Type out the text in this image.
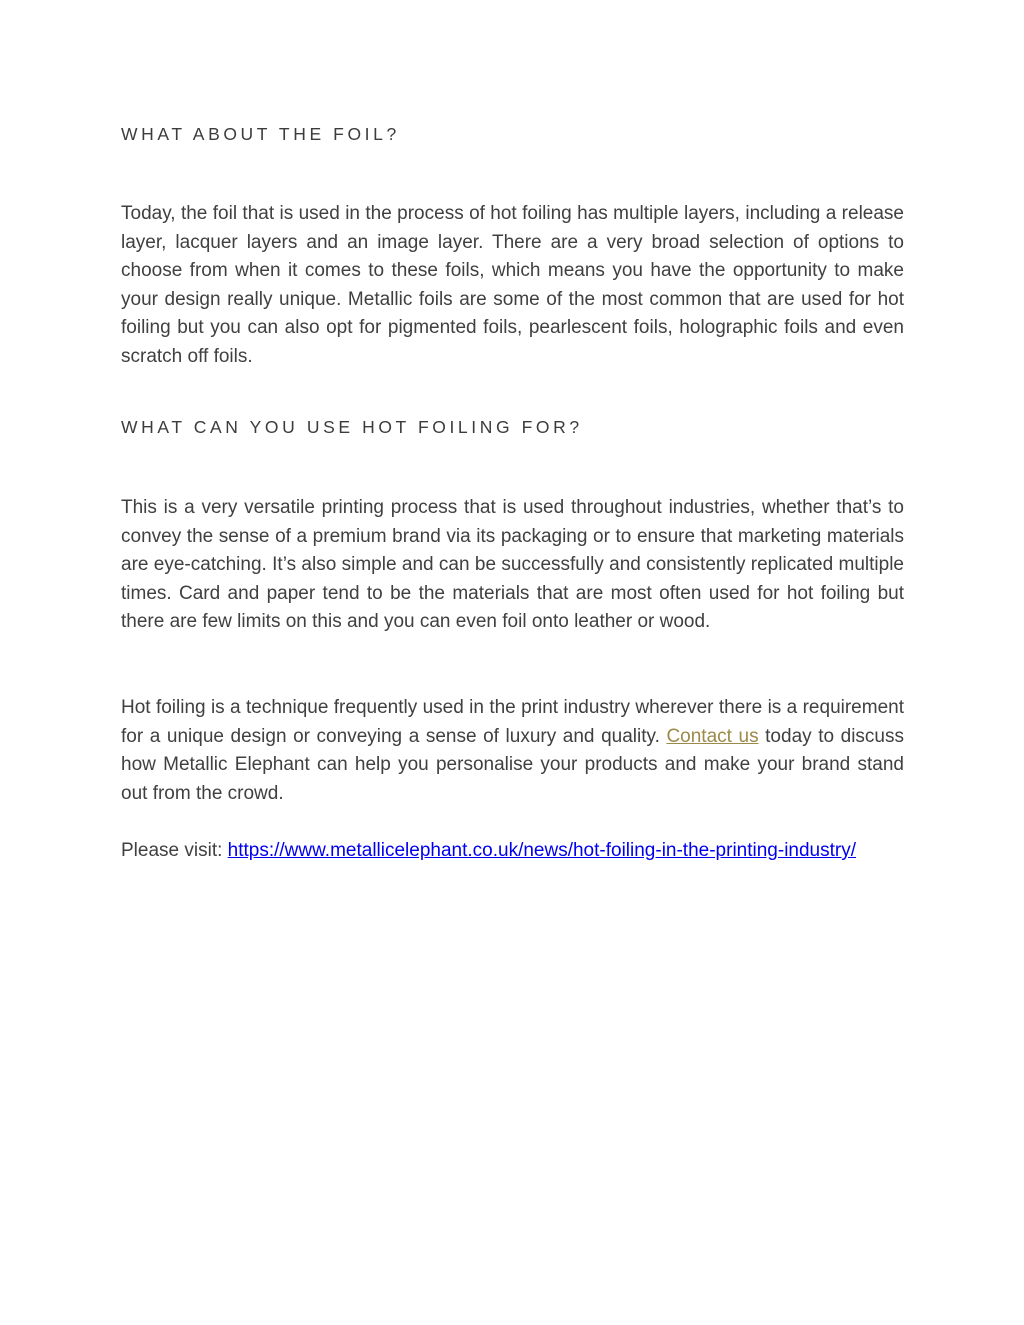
WHAT ABOUT THE FOIL?

Today, the foil that is used in the process of hot foiling has multiple layers, including a release layer, lacquer layers and an image layer. There are a very broad selection of options to choose from when it comes to these foils, which means you have the opportunity to make your design really unique. Metallic foils are some of the most common that are used for hot foiling but you can also opt for pigmented foils, pearlescent foils, holographic foils and even scratch off foils.

WHAT CAN YOU USE HOT FOILING FOR?

This is a very versatile printing process that is used throughout industries, whether that’s to convey the sense of a premium brand via its packaging or to ensure that marketing materials are eye-catching. It’s also simple and can be successfully and consistently replicated multiple times. Card and paper tend to be the materials that are most often used for hot foiling but there are few limits on this and you can even foil onto leather or wood.

Hot foiling is a technique frequently used in the print industry wherever there is a requirement for a unique design or conveying a sense of luxury and quality. Contact us today to discuss how Metallic Elephant can help you personalise your products and make your brand stand out from the crowd.

Please visit: https://www.metallicelephant.co.uk/news/hot-foiling-in-the-printing-industry/
